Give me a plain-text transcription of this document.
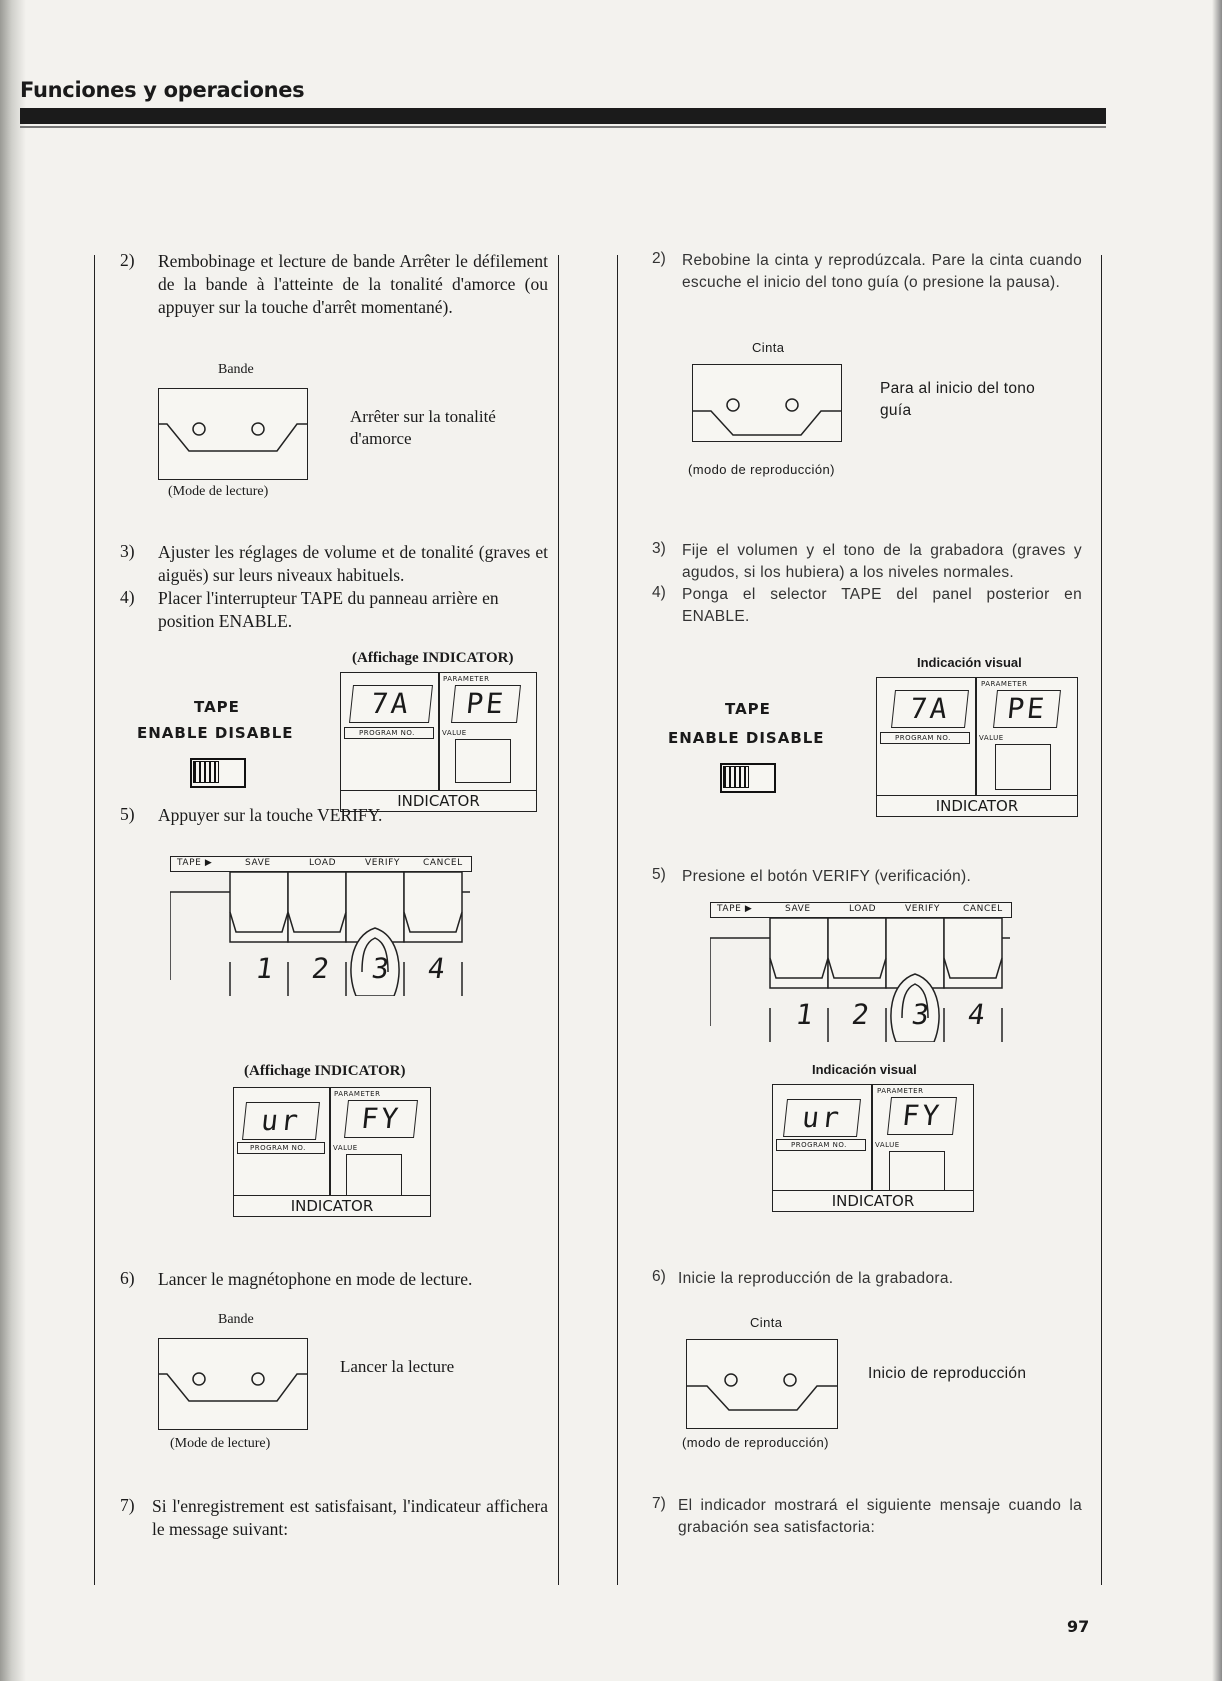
Funciones y operaciones
2) Rembobinage et lecture de bande Arrêter le défilement de la bande à l'atteinte de la tonalité d'amorce (ou appuyer sur la touche d'arrêt momentané).
Bande
Arrêter sur la tonalité d'amorce
(Mode de lecture)
3) Ajuster les réglages de volume et de tonalité (graves et aiguës) sur leurs niveaux habituels.
4) Placer l'interrupteur TAPE du panneau arrière en position ENABLE.
(Affichage INDICATOR)
TAPE
ENABLE DISABLE
PARAMETER
7A	PE
PROGRAM NO.	VALUE
INDICATOR
5) Appuyer sur la touche VERIFY.
TAPE ▶	SAVE	LOAD	VERIFY	CANCEL
1 2 3 4
(Affichage INDICATOR)
PARAMETER
ur	FY
PROGRAM NO.	VALUE
INDICATOR
6) Lancer le magnétophone en mode de lecture.
Bande
Lancer la lecture
(Mode de lecture)
7) Si l'enregistrement est satisfaisant, l'indicateur affichera le message suivant:
2) Rebobine la cinta y reprodúzcala. Pare la cinta cuando escuche el inicio del tono guía (o presione la pausa).
Cinta
Para al inicio del tono guía
(modo de reproducción)
3) Fije el volumen y el tono de la grabadora (graves y agudos, si los hubiera) a los niveles normales.
4) Ponga el selector TAPE del panel posterior en ENABLE.
Indicación visual
TAPE
ENABLE DISABLE
PARAMETER
7A	PE
PROGRAM NO.	VALUE
INDICATOR
5) Presione el botón VERIFY (verificación).
TAPE ▶	SAVE	LOAD	VERIFY	CANCEL
1 2 3 4
Indicación visual
PARAMETER
ur	FY
PROGRAM NO.	VALUE
INDICATOR
6) Inicie la reproducción de la grabadora.
Cinta
Inicio de reproducción
(modo de reproducción)
7) El indicador mostrará el siguiente mensaje cuando la grabación sea satisfactoria:
97
